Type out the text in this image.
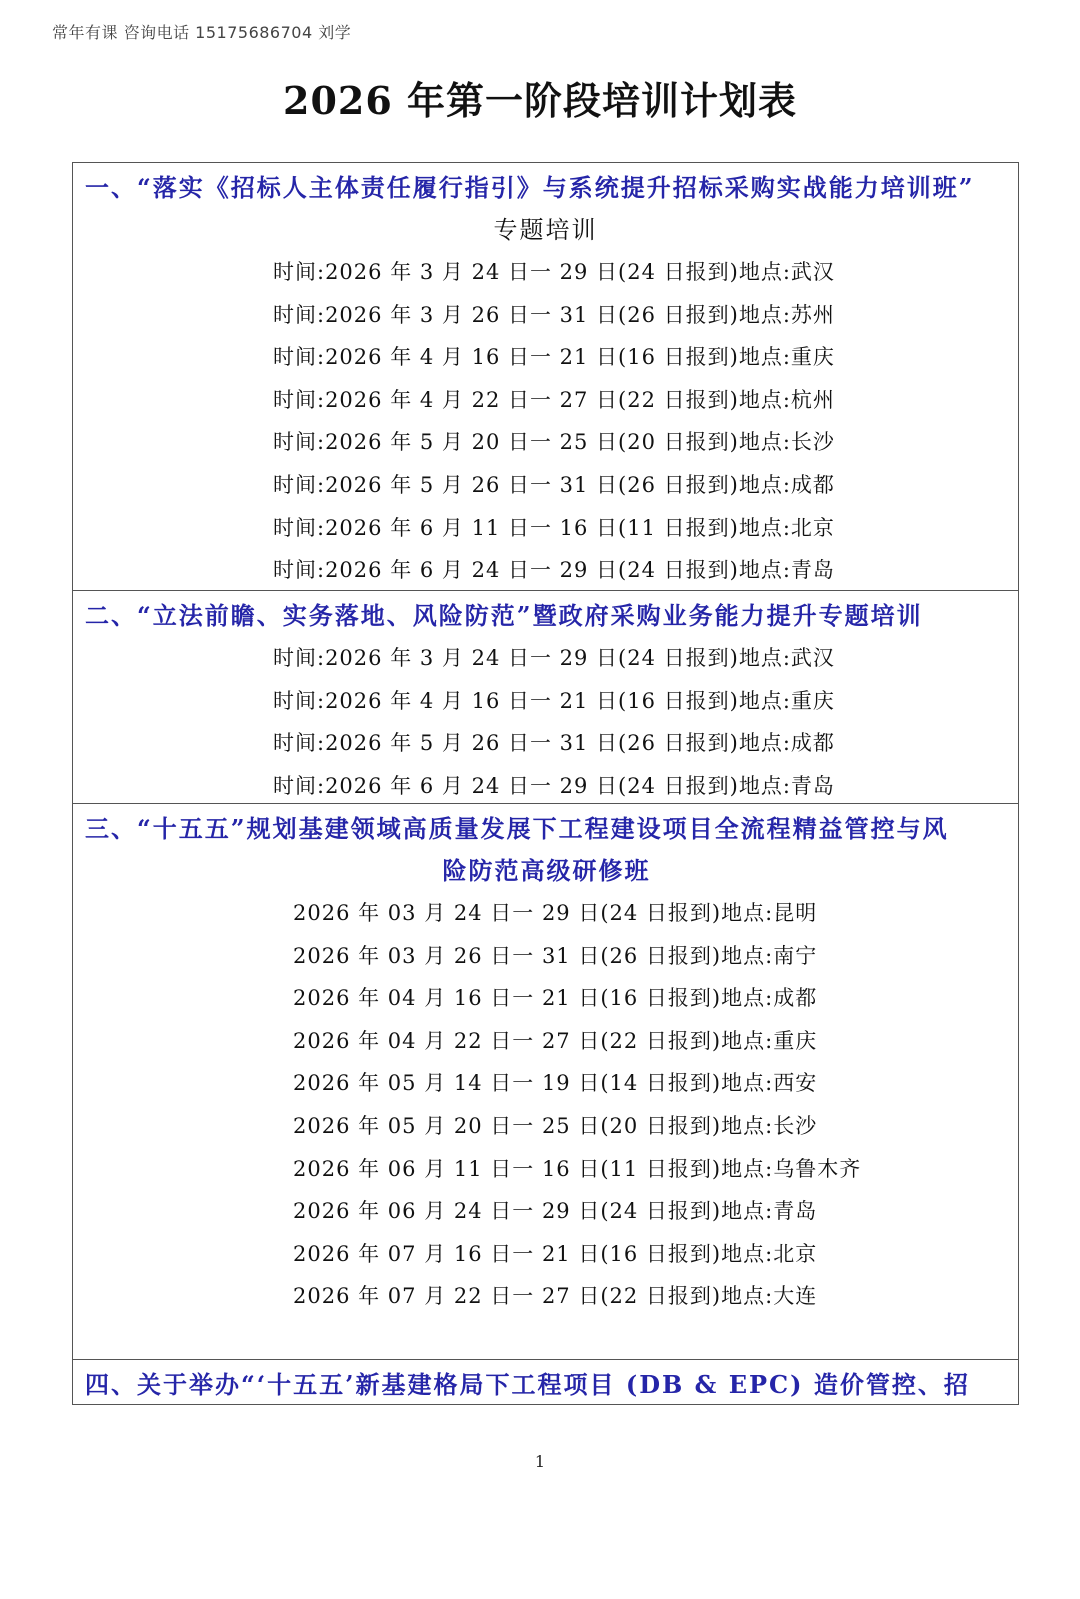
常年有课 咨询电话 15175686704 刘学
2026 年第一阶段培训计划表
一、“落实《招标人主体责任履行指引》与系统提升招标采购实战能力培训班”
专题培训
时间:2026 年 3 月 24 日一 29 日(24 日报到)地点:武汉
时间:2026 年 3 月 26 日一 31 日(26 日报到)地点:苏州
时间:2026 年 4 月 16 日一 21 日(16 日报到)地点:重庆
时间:2026 年 4 月 22 日一 27 日(22 日报到)地点:杭州
时间:2026 年 5 月 20 日一 25 日(20 日报到)地点:长沙
时间:2026 年 5 月 26 日一 31 日(26 日报到)地点:成都
时间:2026 年 6 月 11 日一 16 日(11 日报到)地点:北京
时间:2026 年 6 月 24 日一 29 日(24 日报到)地点:青岛
二、“立法前瞻、实务落地、风险防范”暨政府采购业务能力提升专题培训
时间:2026 年 3 月 24 日一 29 日(24 日报到)地点:武汉
时间:2026 年 4 月 16 日一 21 日(16 日报到)地点:重庆
时间:2026 年 5 月 26 日一 31 日(26 日报到)地点:成都
时间:2026 年 6 月 24 日一 29 日(24 日报到)地点:青岛
三、“十五五”规划基建领域高质量发展下工程建设项目全流程精益管控与风
险防范高级研修班
2026 年 03 月 24 日一 29 日(24 日报到)地点:昆明
2026 年 03 月 26 日一 31 日(26 日报到)地点:南宁
2026 年 04 月 16 日一 21 日(16 日报到)地点:成都
2026 年 04 月 22 日一 27 日(22 日报到)地点:重庆
2026 年 05 月 14 日一 19 日(14 日报到)地点:西安
2026 年 05 月 20 日一 25 日(20 日报到)地点:长沙
2026 年 06 月 11 日一 16 日(11 日报到)地点:乌鲁木齐
2026 年 06 月 24 日一 29 日(24 日报到)地点:青岛
2026 年 07 月 16 日一 21 日(16 日报到)地点:北京
2026 年 07 月 22 日一 27 日(22 日报到)地点:大连
四、关于举办“‘十五五’新基建格局下工程项目 (DB & EPC) 造价管控、招
1
